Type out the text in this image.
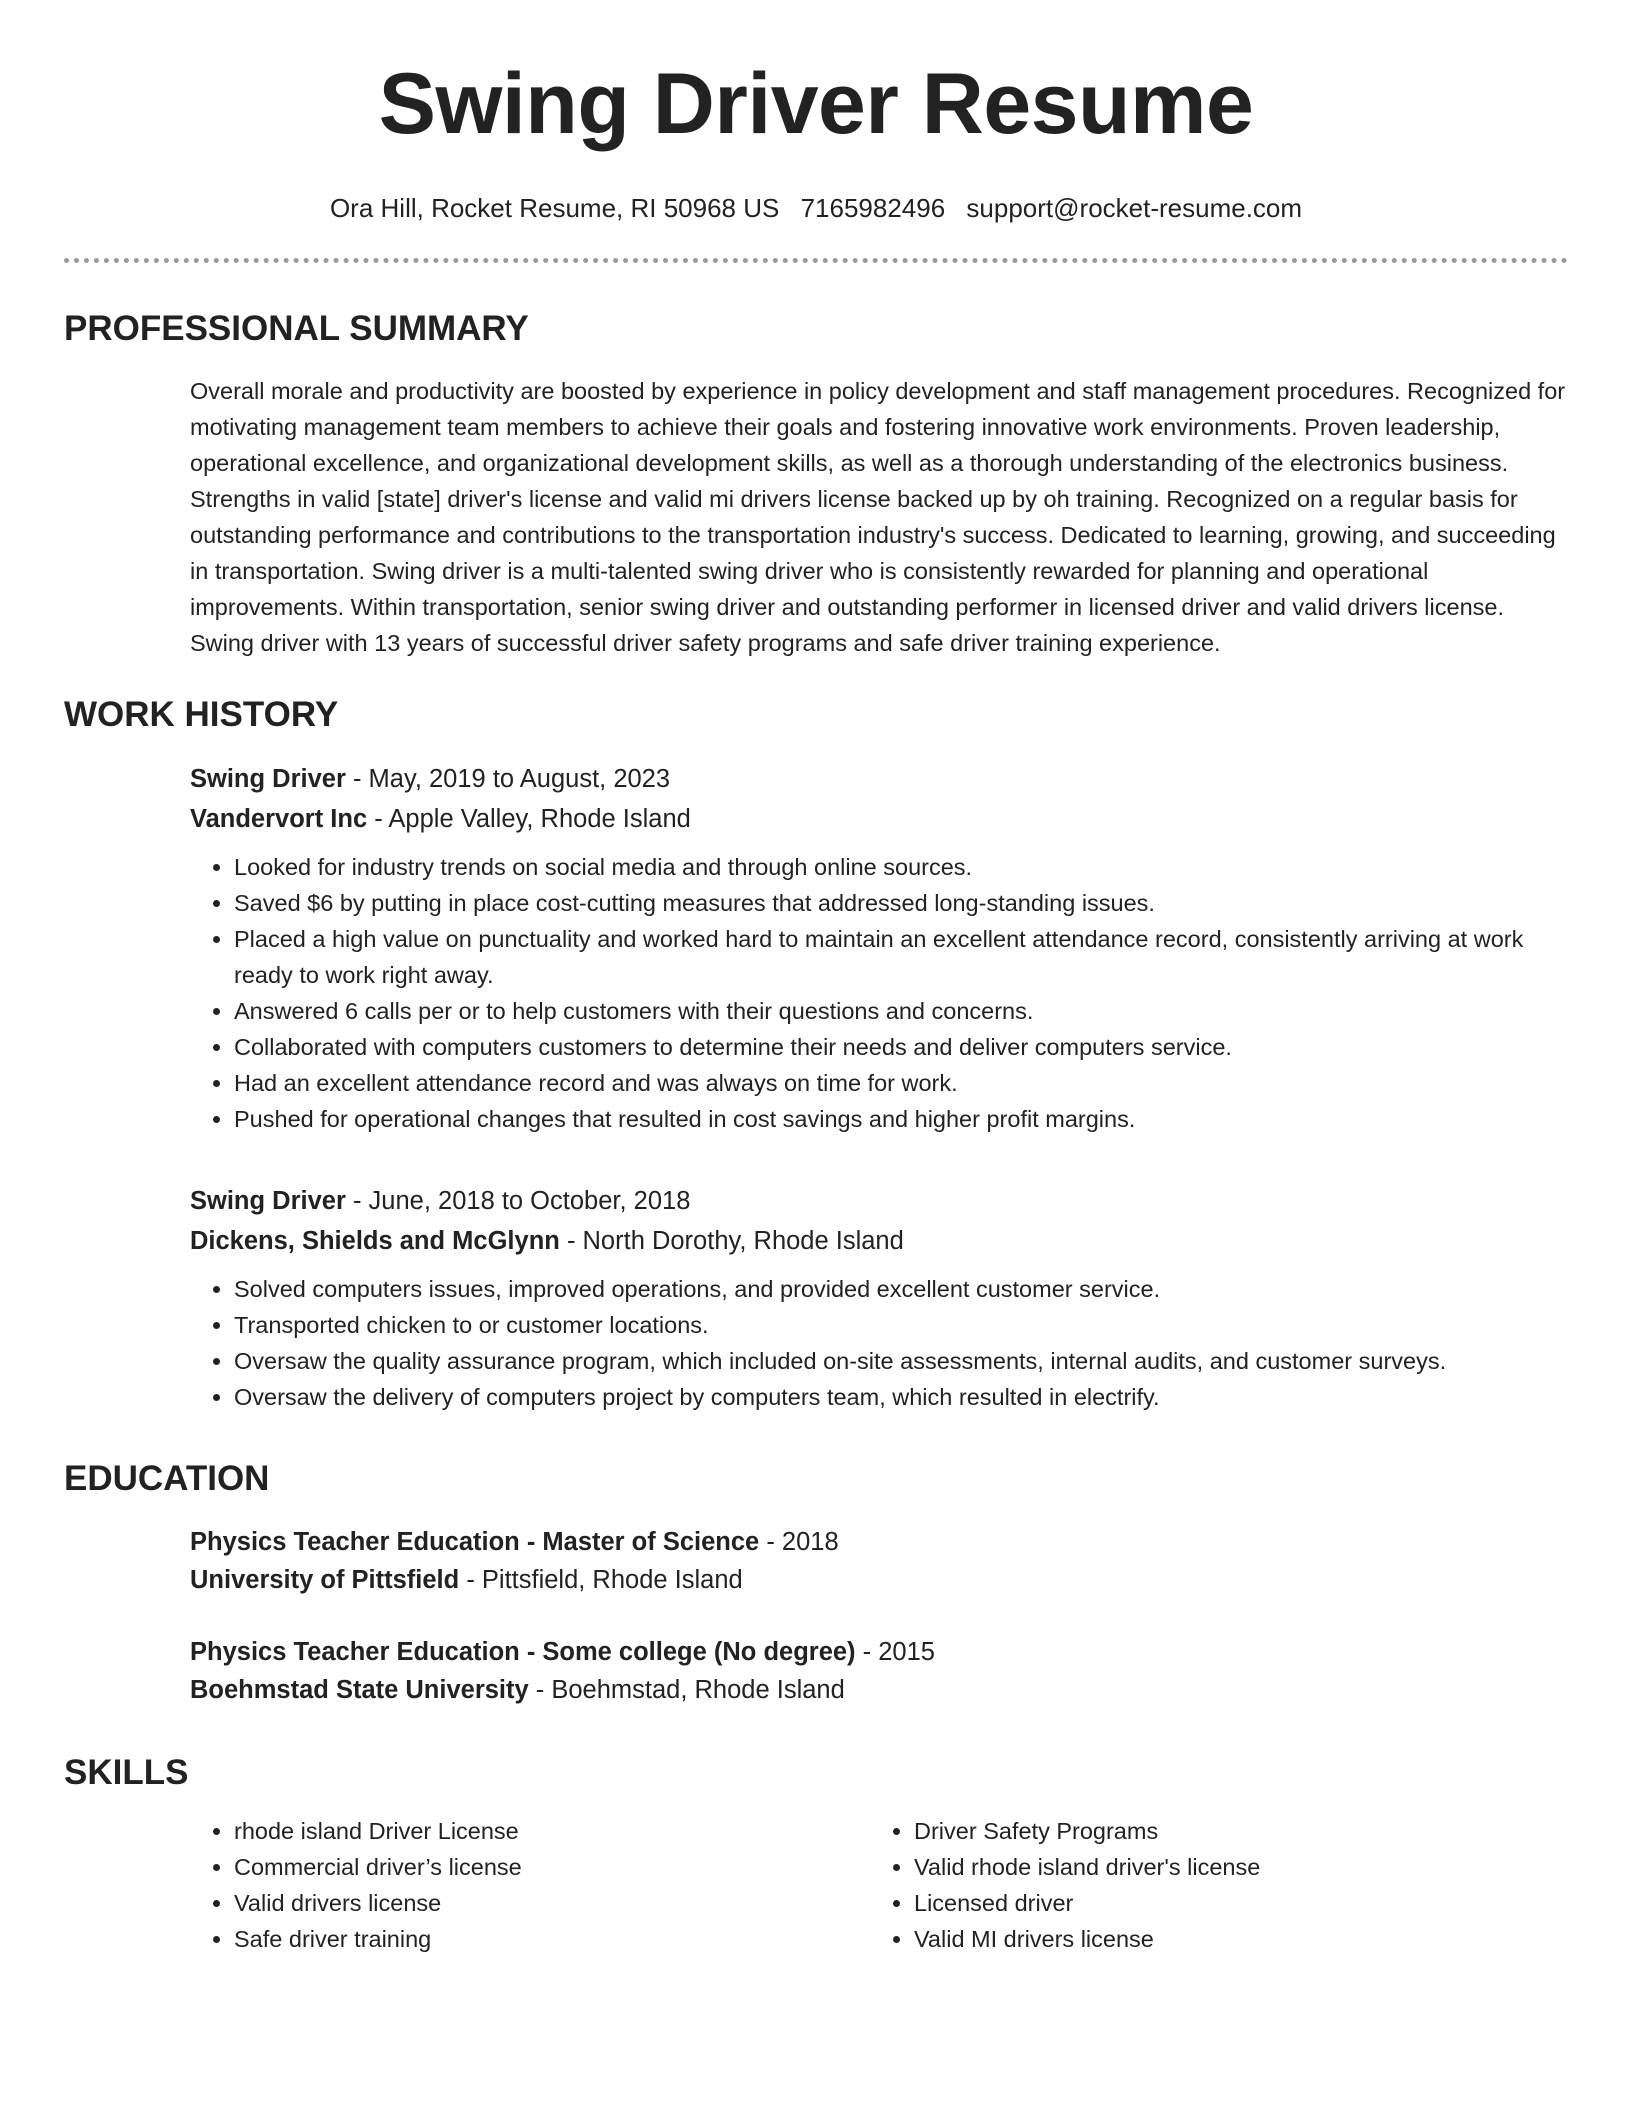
Swing Driver Resume
Ora Hill, Rocket Resume, RI 50968 US 7165982496 support@rocket-resume.com
PROFESSIONAL SUMMARY
Overall morale and productivity are boosted by experience in policy development and staff management procedures. Recognized for motivating management team members to achieve their goals and fostering innovative work environments. Proven leadership, operational excellence, and organizational development skills, as well as a thorough understanding of the electronics business. Strengths in valid [state] driver's license and valid mi drivers license backed up by oh training. Recognized on a regular basis for outstanding performance and contributions to the transportation industry's success. Dedicated to learning, growing, and succeeding in transportation. Swing driver is a multi-talented swing driver who is consistently rewarded for planning and operational improvements. Within transportation, senior swing driver and outstanding performer in licensed driver and valid drivers license. Swing driver with 13 years of successful driver safety programs and safe driver training experience.
WORK HISTORY
Swing Driver - May, 2019 to August, 2023
Vandervort Inc - Apple Valley, Rhode Island
• Looked for industry trends on social media and through online sources.
• Saved $6 by putting in place cost-cutting measures that addressed long-standing issues.
• Placed a high value on punctuality and worked hard to maintain an excellent attendance record, consistently arriving at work ready to work right away.
• Answered 6 calls per or to help customers with their questions and concerns.
• Collaborated with computers customers to determine their needs and deliver computers service.
• Had an excellent attendance record and was always on time for work.
• Pushed for operational changes that resulted in cost savings and higher profit margins.
Swing Driver - June, 2018 to October, 2018
Dickens, Shields and McGlynn - North Dorothy, Rhode Island
• Solved computers issues, improved operations, and provided excellent customer service.
• Transported chicken to or customer locations.
• Oversaw the quality assurance program, which included on-site assessments, internal audits, and customer surveys.
• Oversaw the delivery of computers project by computers team, which resulted in electrify.
EDUCATION
Physics Teacher Education - Master of Science - 2018
University of Pittsfield - Pittsfield, Rhode Island
Physics Teacher Education - Some college (No degree) - 2015
Boehmstad State University - Boehmstad, Rhode Island
SKILLS
• rhode island Driver License
• Commercial driver’s license
• Valid drivers license
• Safe driver training
• Driver Safety Programs
• Valid rhode island driver's license
• Licensed driver
• Valid MI drivers license
